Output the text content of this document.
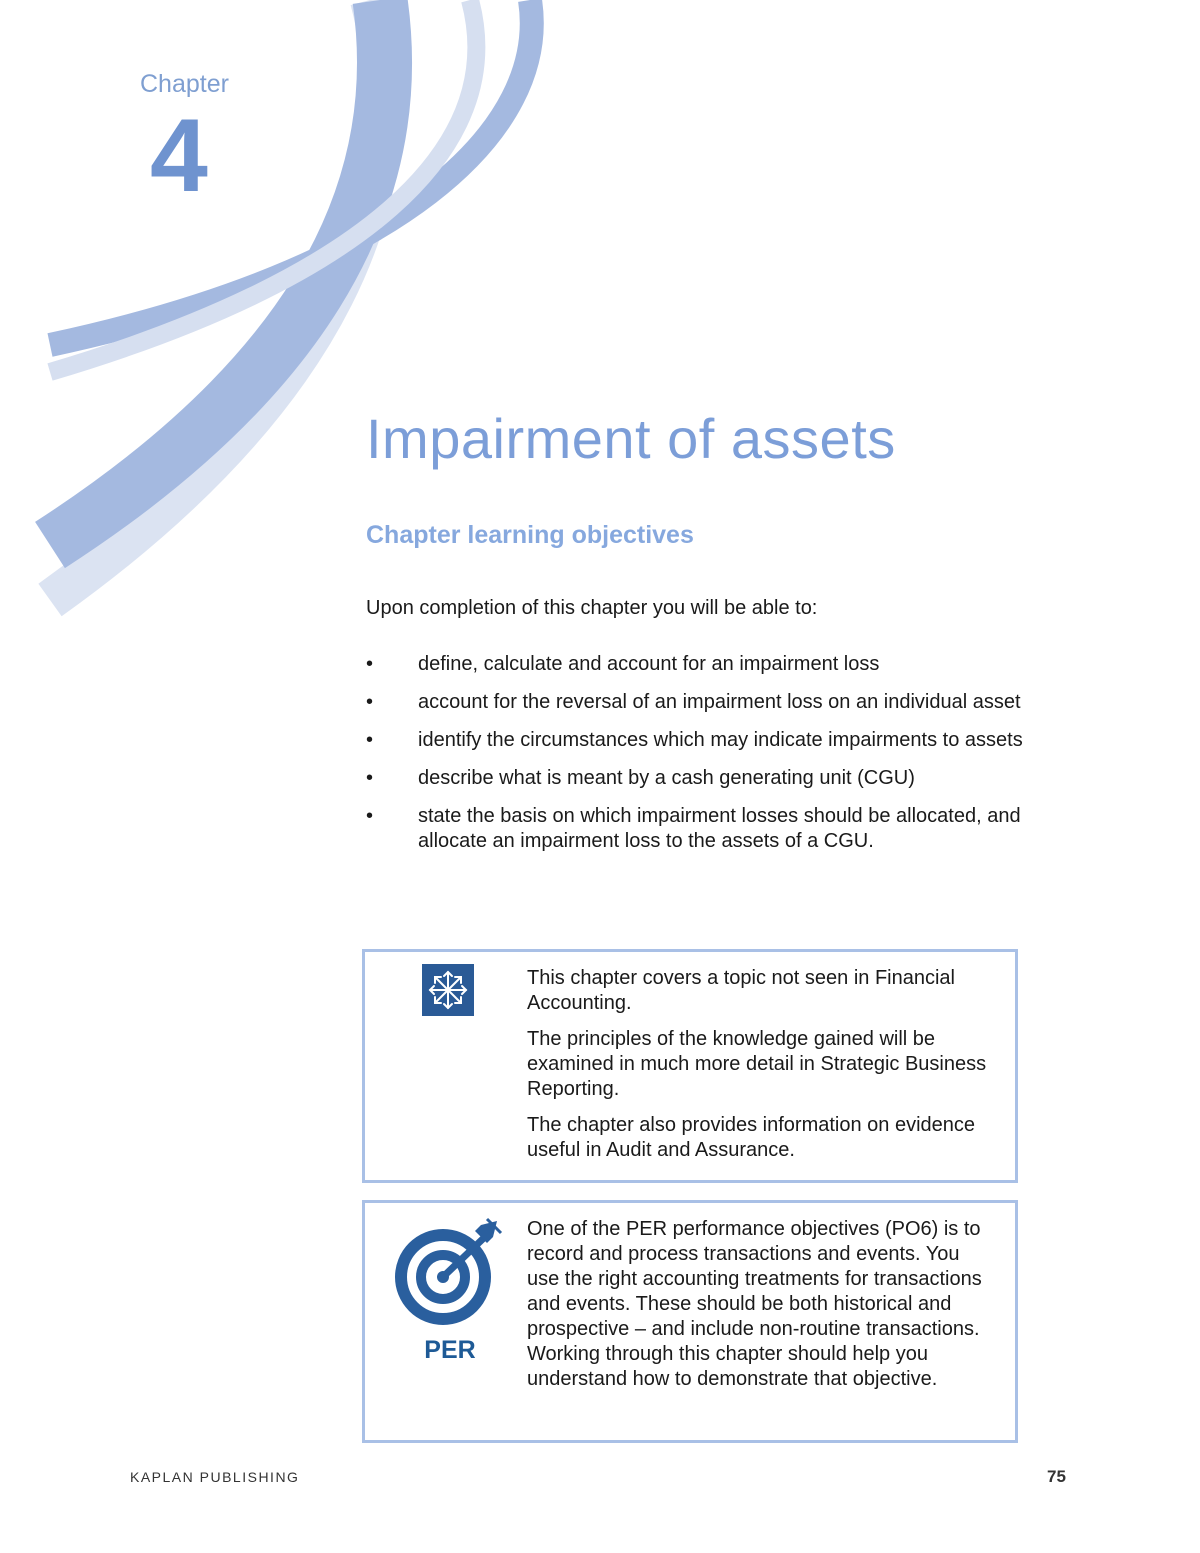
Chapter
4
Impairment of assets
Chapter learning objectives
Upon completion of this chapter you will be able to:
• define, calculate and account for an impairment loss
• account for the reversal of an impairment loss on an individual asset
• identify the circumstances which may indicate impairments to assets
• describe what is meant by a cash generating unit (CGU)
• state the basis on which impairment losses should be allocated, and allocate an impairment loss to the assets of a CGU.

This chapter covers a topic not seen in Financial Accounting.

The principles of the knowledge gained will be examined in much more detail in Strategic Business Reporting.

The chapter also provides information on evidence useful in Audit and Assurance.

PER

One of the PER performance objectives (PO6) is to record and process transactions and events. You use the right accounting treatments for transactions and events. These should be both historical and prospective – and include non-routine transactions. Working through this chapter should help you understand how to demonstrate that objective.

KAPLAN PUBLISHING	75
